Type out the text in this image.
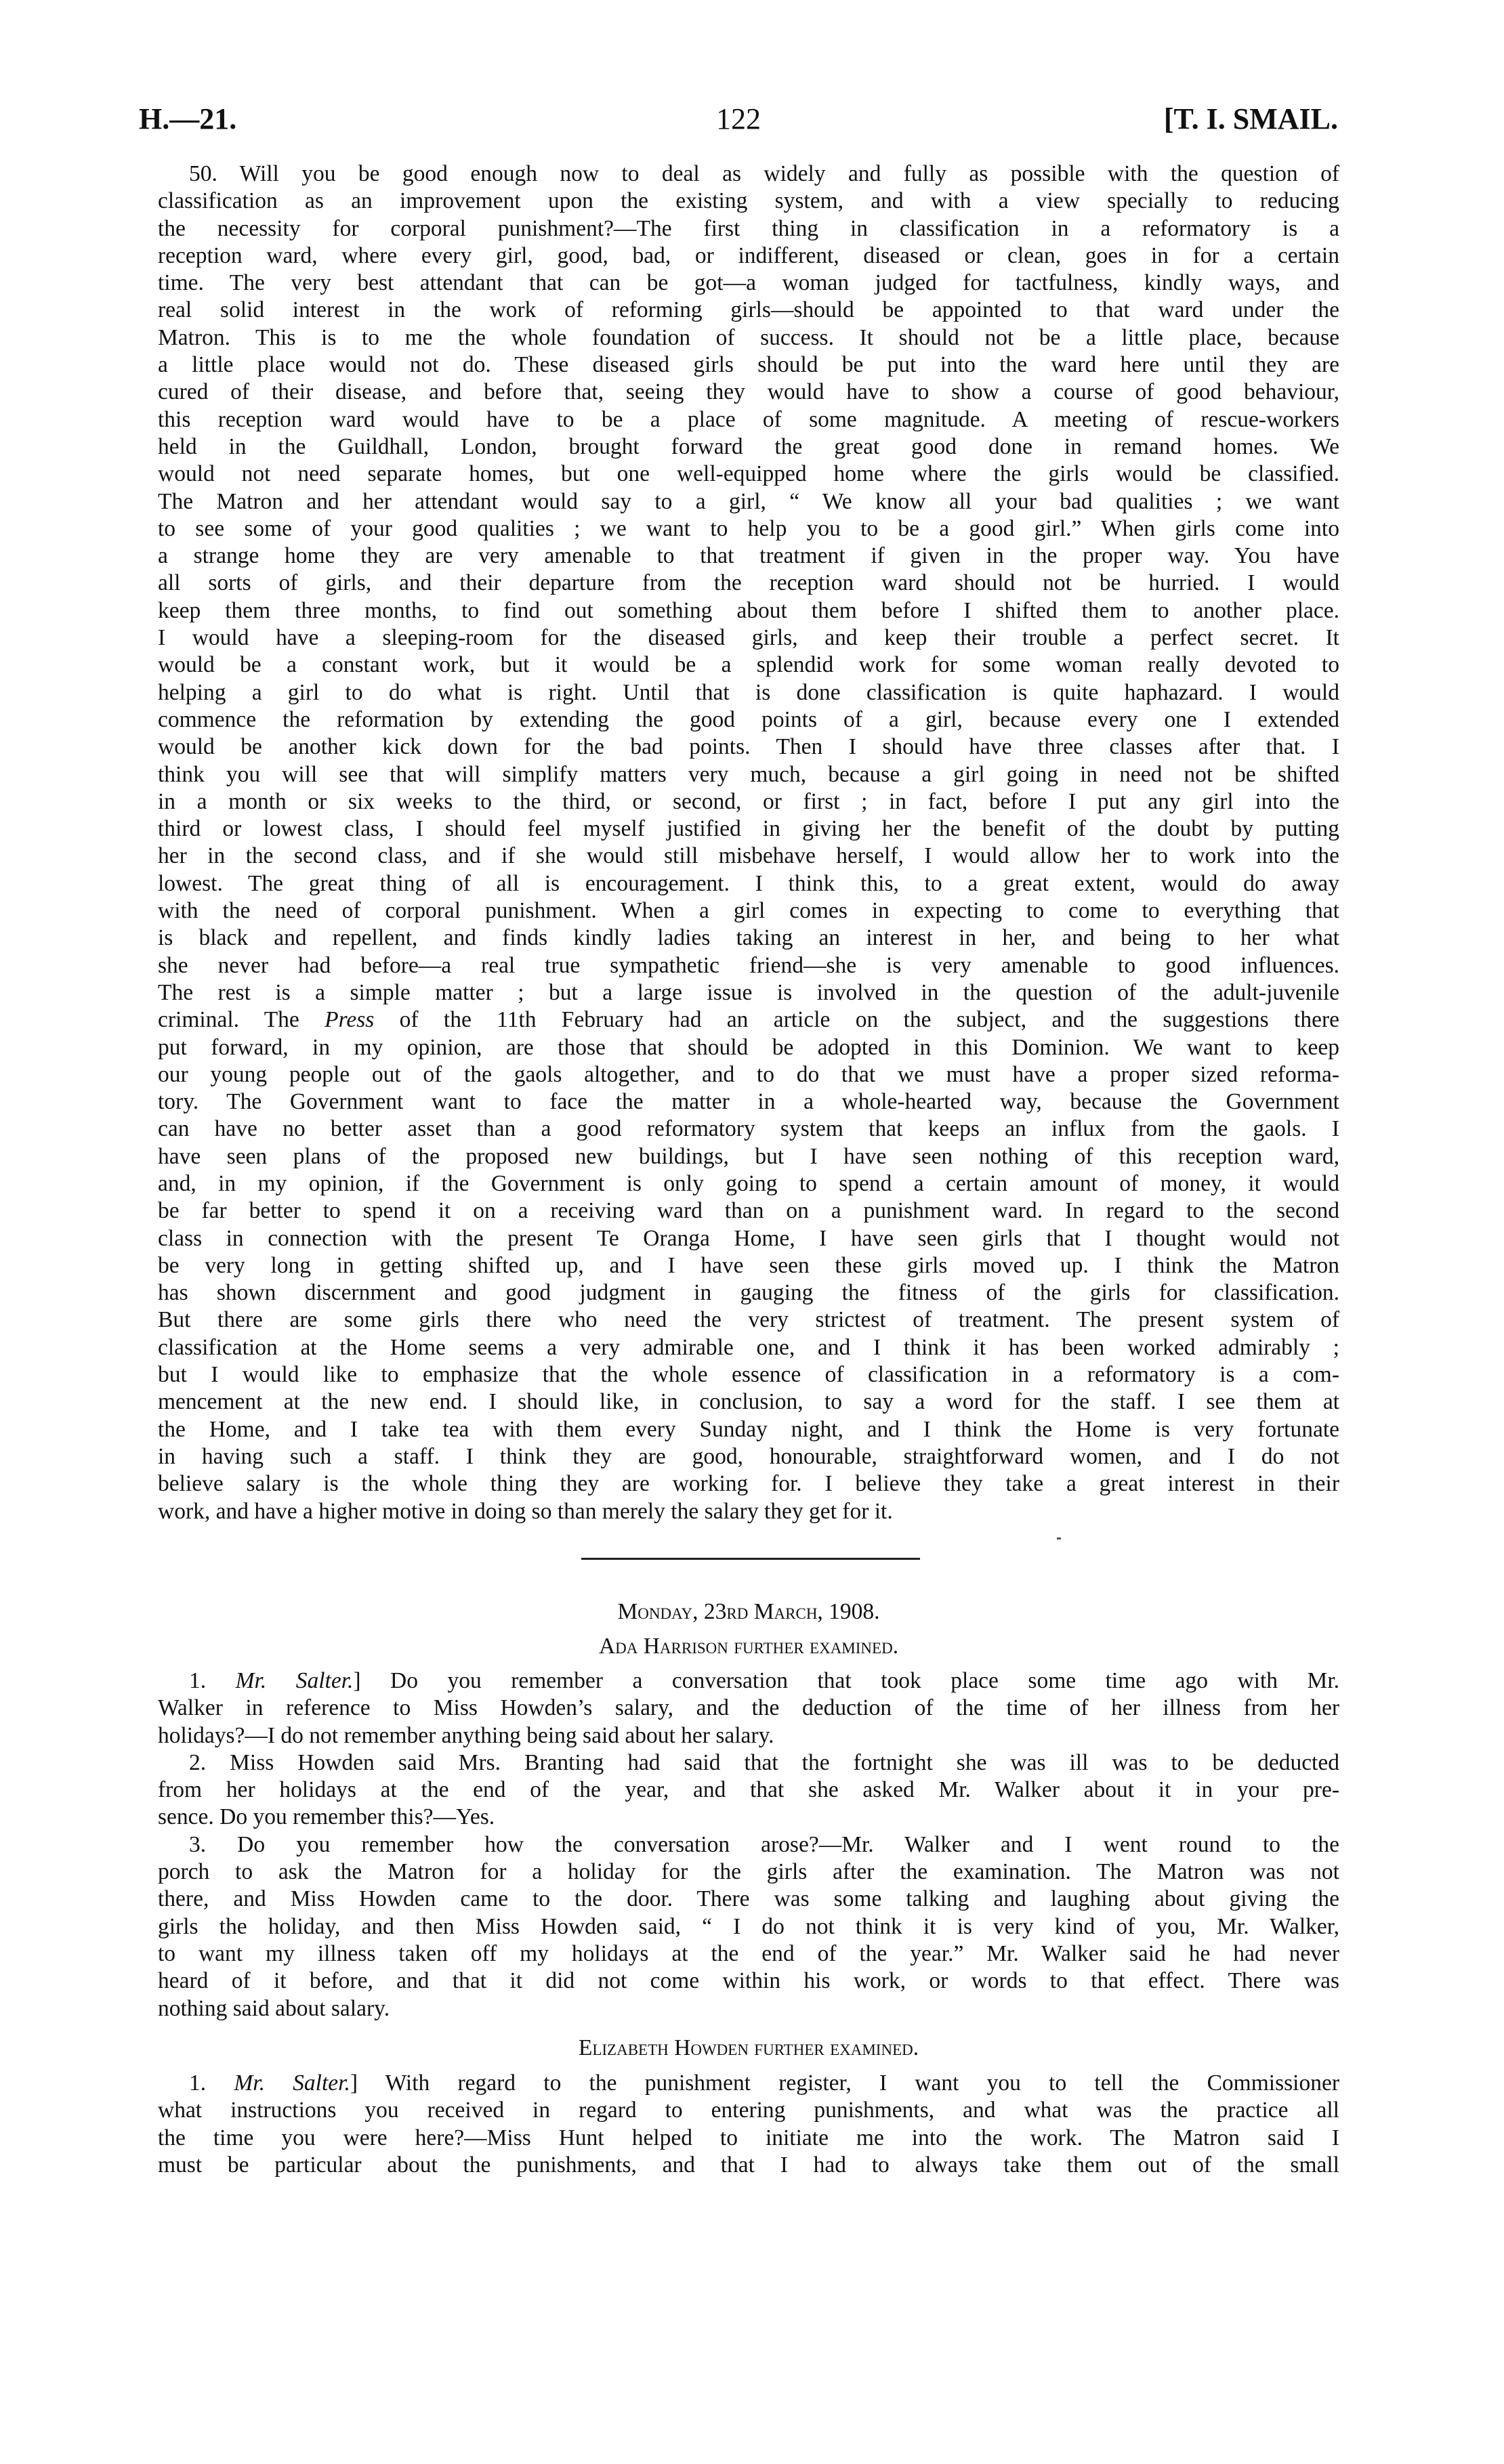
H.—21.	122	[T. I. SMAIL.
50. Will you be good enough now to deal as widely and fully as possible with the question of
classification as an improvement upon the existing system, and with a view specially to reducing
the necessity for corporal punishment?—The first thing in classification in a reformatory is a
reception ward, where every girl, good, bad, or indifferent, diseased or clean, goes in for a certain
time. The very best attendant that can be got—a woman judged for tactfulness, kindly ways, and
real solid interest in the work of reforming girls—should be appointed to that ward under the
Matron. This is to me the whole foundation of success. It should not be a little place, because
a little place would not do. These diseased girls should be put into the ward here until they are
cured of their disease, and before that, seeing they would have to show a course of good behaviour,
this reception ward would have to be a place of some magnitude. A meeting of rescue-workers
held in the Guildhall, London, brought forward the great good done in remand homes. We
would not need separate homes, but one well-equipped home where the girls would be classified.
The Matron and her attendant would say to a girl, “ We know all your bad qualities ; we want
to see some of your good qualities ; we want to help you to be a good girl.” When girls come into
a strange home they are very amenable to that treatment if given in the proper way. You have
all sorts of girls, and their departure from the reception ward should not be hurried. I would
keep them three months, to find out something about them before I shifted them to another place.
I would have a sleeping-room for the diseased girls, and keep their trouble a perfect secret. It
would be a constant work, but it would be a splendid work for some woman really devoted to
helping a girl to do what is right. Until that is done classification is quite haphazard. I would
commence the reformation by extending the good points of a girl, because every one I extended
would be another kick down for the bad points. Then I should have three classes after that. I
think you will see that will simplify matters very much, because a girl going in need not be shifted
in a month or six weeks to the third, or second, or first ; in fact, before I put any girl into the
third or lowest class, I should feel myself justified in giving her the benefit of the doubt by putting
her in the second class, and if she would still misbehave herself, I would allow her to work into the
lowest. The great thing of all is encouragement. I think this, to a great extent, would do away
with the need of corporal punishment. When a girl comes in expecting to come to everything that
is black and repellent, and finds kindly ladies taking an interest in her, and being to her what
she never had before—a real true sympathetic friend—she is very amenable to good influences.
The rest is a simple matter ; but a large issue is involved in the question of the adult-juvenile
criminal. The Press of the 11th February had an article on the subject, and the suggestions there
put forward, in my opinion, are those that should be adopted in this Dominion. We want to keep
our young people out of the gaols altogether, and to do that we must have a proper sized reforma-
tory. The Government want to face the matter in a whole-hearted way, because the Government
can have no better asset than a good reformatory system that keeps an influx from the gaols. I
have seen plans of the proposed new buildings, but I have seen nothing of this reception ward,
and, in my opinion, if the Government is only going to spend a certain amount of money, it would
be far better to spend it on a receiving ward than on a punishment ward. In regard to the second
class in connection with the present Te Oranga Home, I have seen girls that I thought would not
be very long in getting shifted up, and I have seen these girls moved up. I think the Matron
has shown discernment and good judgment in gauging the fitness of the girls for classification.
But there are some girls there who need the very strictest of treatment. The present system of
classification at the Home seems a very admirable one, and I think it has been worked admirably ;
but I would like to emphasize that the whole essence of classification in a reformatory is a com-
mencement at the new end. I should like, in conclusion, to say a word for the staff. I see them at
the Home, and I take tea with them every Sunday night, and I think the Home is very fortunate
in having such a staff. I think they are good, honourable, straightforward women, and I do not
believe salary is the whole thing they are working for. I believe they take a great interest in their
work, and have a higher motive in doing so than merely the salary they get for it.
Monday, 23rd March, 1908.
Ada Harrison further examined.
1. Mr. Salter.] Do you remember a conversation that took place some time ago with Mr.
Walker in reference to Miss Howden’s salary, and the deduction of the time of her illness from her
holidays?—I do not remember anything being said about her salary.
2. Miss Howden said Mrs. Branting had said that the fortnight she was ill was to be deducted
from her holidays at the end of the year, and that she asked Mr. Walker about it in your pre-
sence. Do you remember this?—Yes.
3. Do you remember how the conversation arose?—Mr. Walker and I went round to the
porch to ask the Matron for a holiday for the girls after the examination. The Matron was not
there, and Miss Howden came to the door. There was some talking and laughing about giving the
girls the holiday, and then Miss Howden said, “ I do not think it is very kind of you, Mr. Walker,
to want my illness taken off my holidays at the end of the year.” Mr. Walker said he had never
heard of it before, and that it did not come within his work, or words to that effect. There was
nothing said about salary.
Elizabeth Howden further examined.
1. Mr. Salter.] With regard to the punishment register, I want you to tell the Commissioner
what instructions you received in regard to entering punishments, and what was the practice all
the time you were here?—Miss Hunt helped to initiate me into the work. The Matron said I
must be particular about the punishments, and that I had to always take them out of the small
